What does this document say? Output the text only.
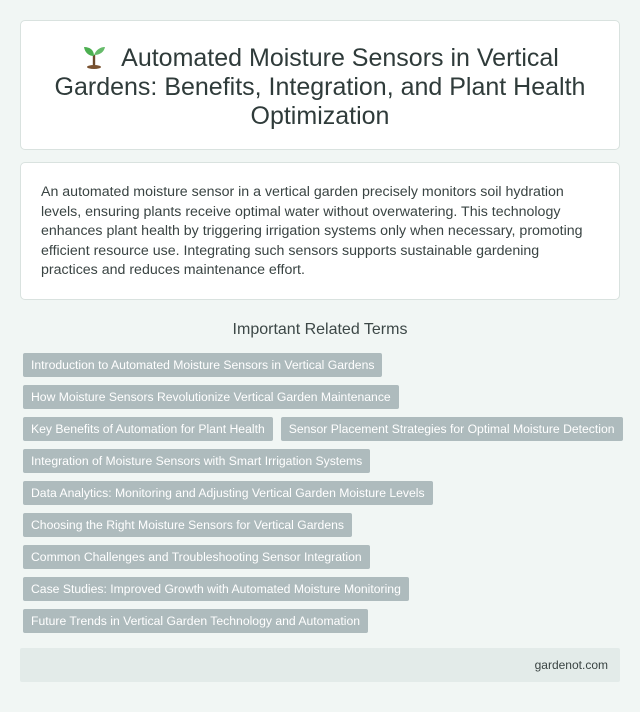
Automated Moisture Sensors in Vertical Gardens: Benefits, Integration, and Plant Health Optimization

An automated moisture sensor in a vertical garden precisely monitors soil hydration levels, ensuring plants receive optimal water without overwatering. This technology enhances plant health by triggering irrigation systems only when necessary, promoting efficient resource use. Integrating such sensors supports sustainable gardening practices and reduces maintenance effort.

Important Related Terms
Introduction to Automated Moisture Sensors in Vertical Gardens
How Moisture Sensors Revolutionize Vertical Garden Maintenance
Key Benefits of Automation for Plant Health	Sensor Placement Strategies for Optimal Moisture Detection
Integration of Moisture Sensors with Smart Irrigation Systems
Data Analytics: Monitoring and Adjusting Vertical Garden Moisture Levels
Choosing the Right Moisture Sensors for Vertical Gardens
Common Challenges and Troubleshooting Sensor Integration
Case Studies: Improved Growth with Automated Moisture Monitoring
Future Trends in Vertical Garden Technology and Automation
gardenot.com
